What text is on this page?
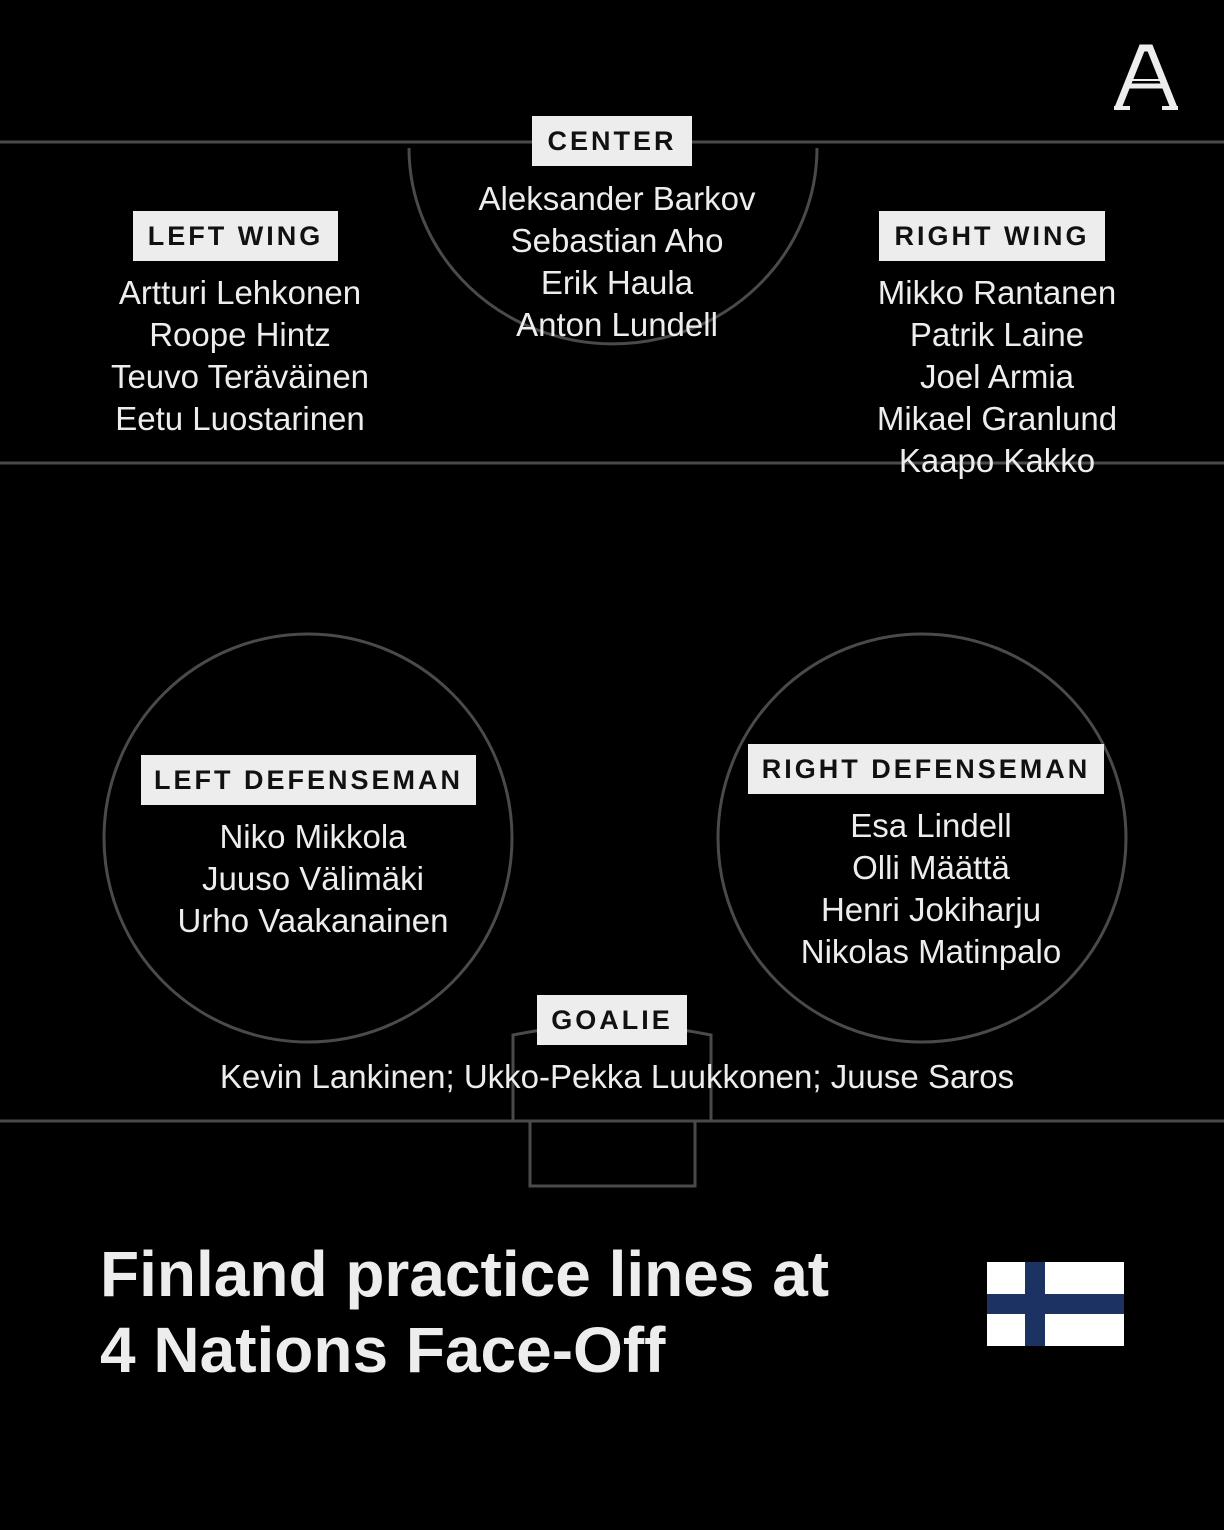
CENTER
Aleksander Barkov
Sebastian Aho
Erik Haula
Anton Lundell
LEFT WING
Artturi Lehkonen
Roope Hintz
Teuvo Teräväinen
Eetu Luostarinen
RIGHT WING
Mikko Rantanen
Patrik Laine
Joel Armia
Mikael Granlund
Kaapo Kakko
LEFT DEFENSEMAN
Niko Mikkola
Juuso Välimäki
Urho Vaakanainen
RIGHT DEFENSEMAN
Esa Lindell
Olli Määttä
Henri Jokiharju
Nikolas Matinpalo
GOALIE
Kevin Lankinen; Ukko-Pekka Luukkonen; Juuse Saros
Finland practice lines at
4 Nations Face-Off
